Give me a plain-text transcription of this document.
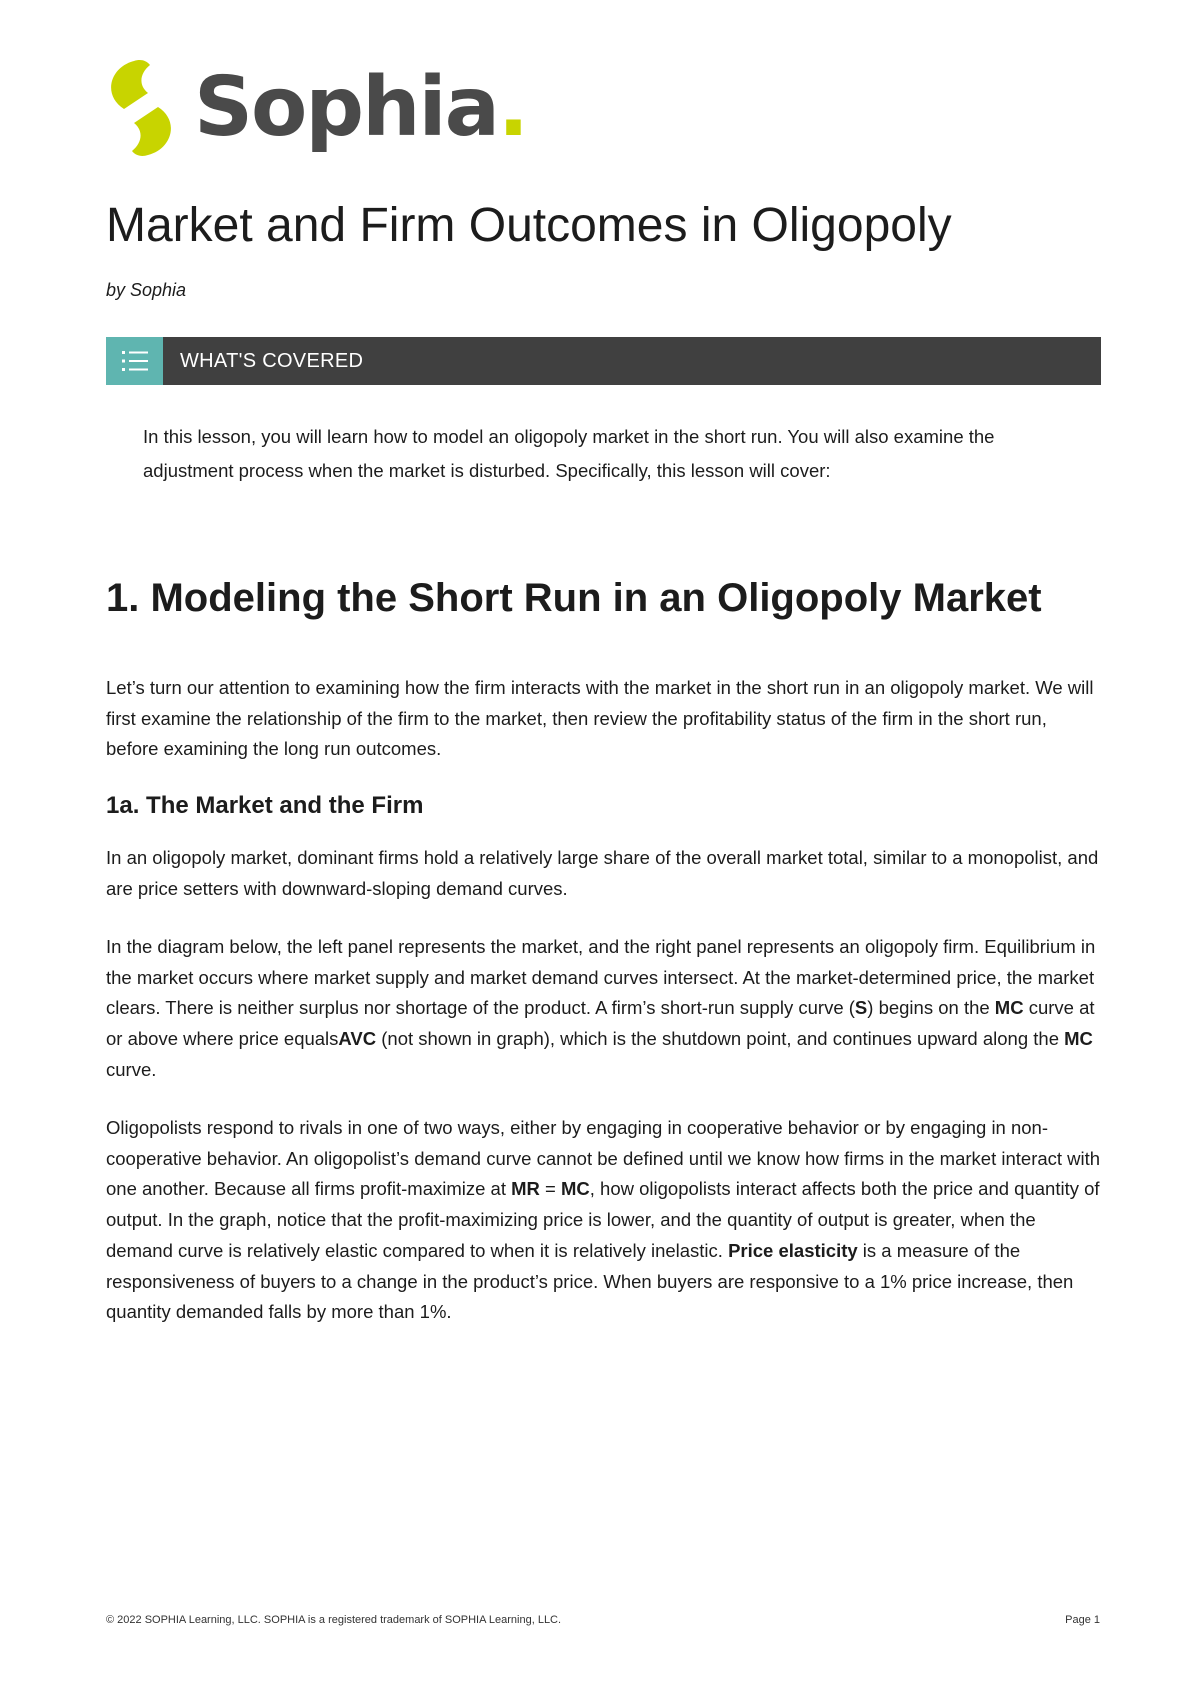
Sophia.
Market and Firm Outcomes in Oligopoly
by Sophia
WHAT'S COVERED

In this lesson, you will learn how to model an oligopoly market in the short run. You will also examine the adjustment process when the market is disturbed. Specifically, this lesson will cover:

1. Modeling the Short Run in an Oligopoly Market

Let’s turn our attention to examining how the firm interacts with the market in the short run in an oligopoly market. We will first examine the relationship of the firm to the market, then review the profitability status of the firm in the short run, before examining the long run outcomes.

1a. The Market and the Firm

In an oligopoly market, dominant firms hold a relatively large share of the overall market total, similar to a monopolist, and are price setters with downward-sloping demand curves.

In the diagram below, the left panel represents the market, and the right panel represents an oligopoly firm. Equilibrium in the market occurs where market supply and market demand curves intersect. At the market-determined price, the market clears. There is neither surplus nor shortage of the product. A firm’s short-run supply curve (S) begins on the MC curve at or above where price equalsAVC (not shown in graph), which is the shutdown point, and continues upward along the MC curve.

Oligopolists respond to rivals in one of two ways, either by engaging in cooperative behavior or by engaging in non-cooperative behavior. An oligopolist’s demand curve cannot be defined until we know how firms in the market interact with one another. Because all firms profit-maximize at MR = MC, how oligopolists interact affects both the price and quantity of output. In the graph, notice that the profit-maximizing price is lower, and the quantity of output is greater, when the demand curve is relatively elastic compared to when it is relatively inelastic. Price elasticity is a measure of the responsiveness of buyers to a change in the product’s price. When buyers are responsive to a 1% price increase, then quantity demanded falls by more than 1%.

© 2022 SOPHIA Learning, LLC. SOPHIA is a registered trademark of SOPHIA Learning, LLC.	Page 1
